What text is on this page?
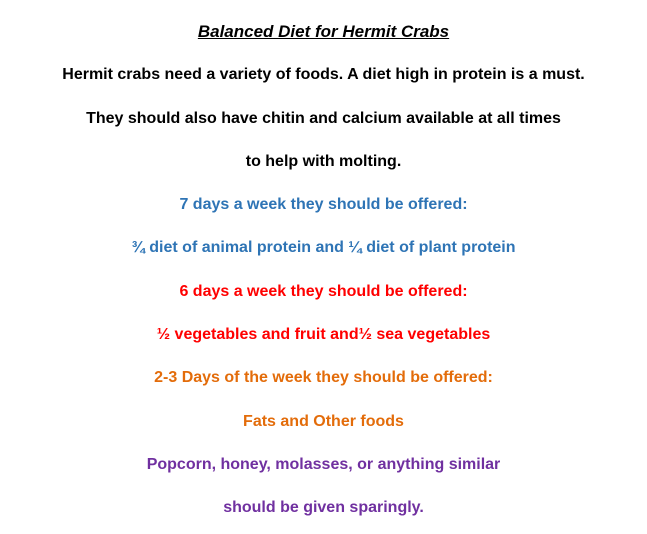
Balanced Diet for Hermit Crabs

Hermit crabs need a variety of foods. A diet high in protein is a must.

They should also have chitin and calcium available at all times

to help with molting.

7 days a week they should be offered:

¾ diet of animal protein and ¼ diet of plant protein

6 days a week they should be offered:

½ vegetables and fruit and½ sea vegetables

2-3 Days of the week they should be offered:

Fats and Other foods

Popcorn, honey, molasses, or anything similar

should be given sparingly.
